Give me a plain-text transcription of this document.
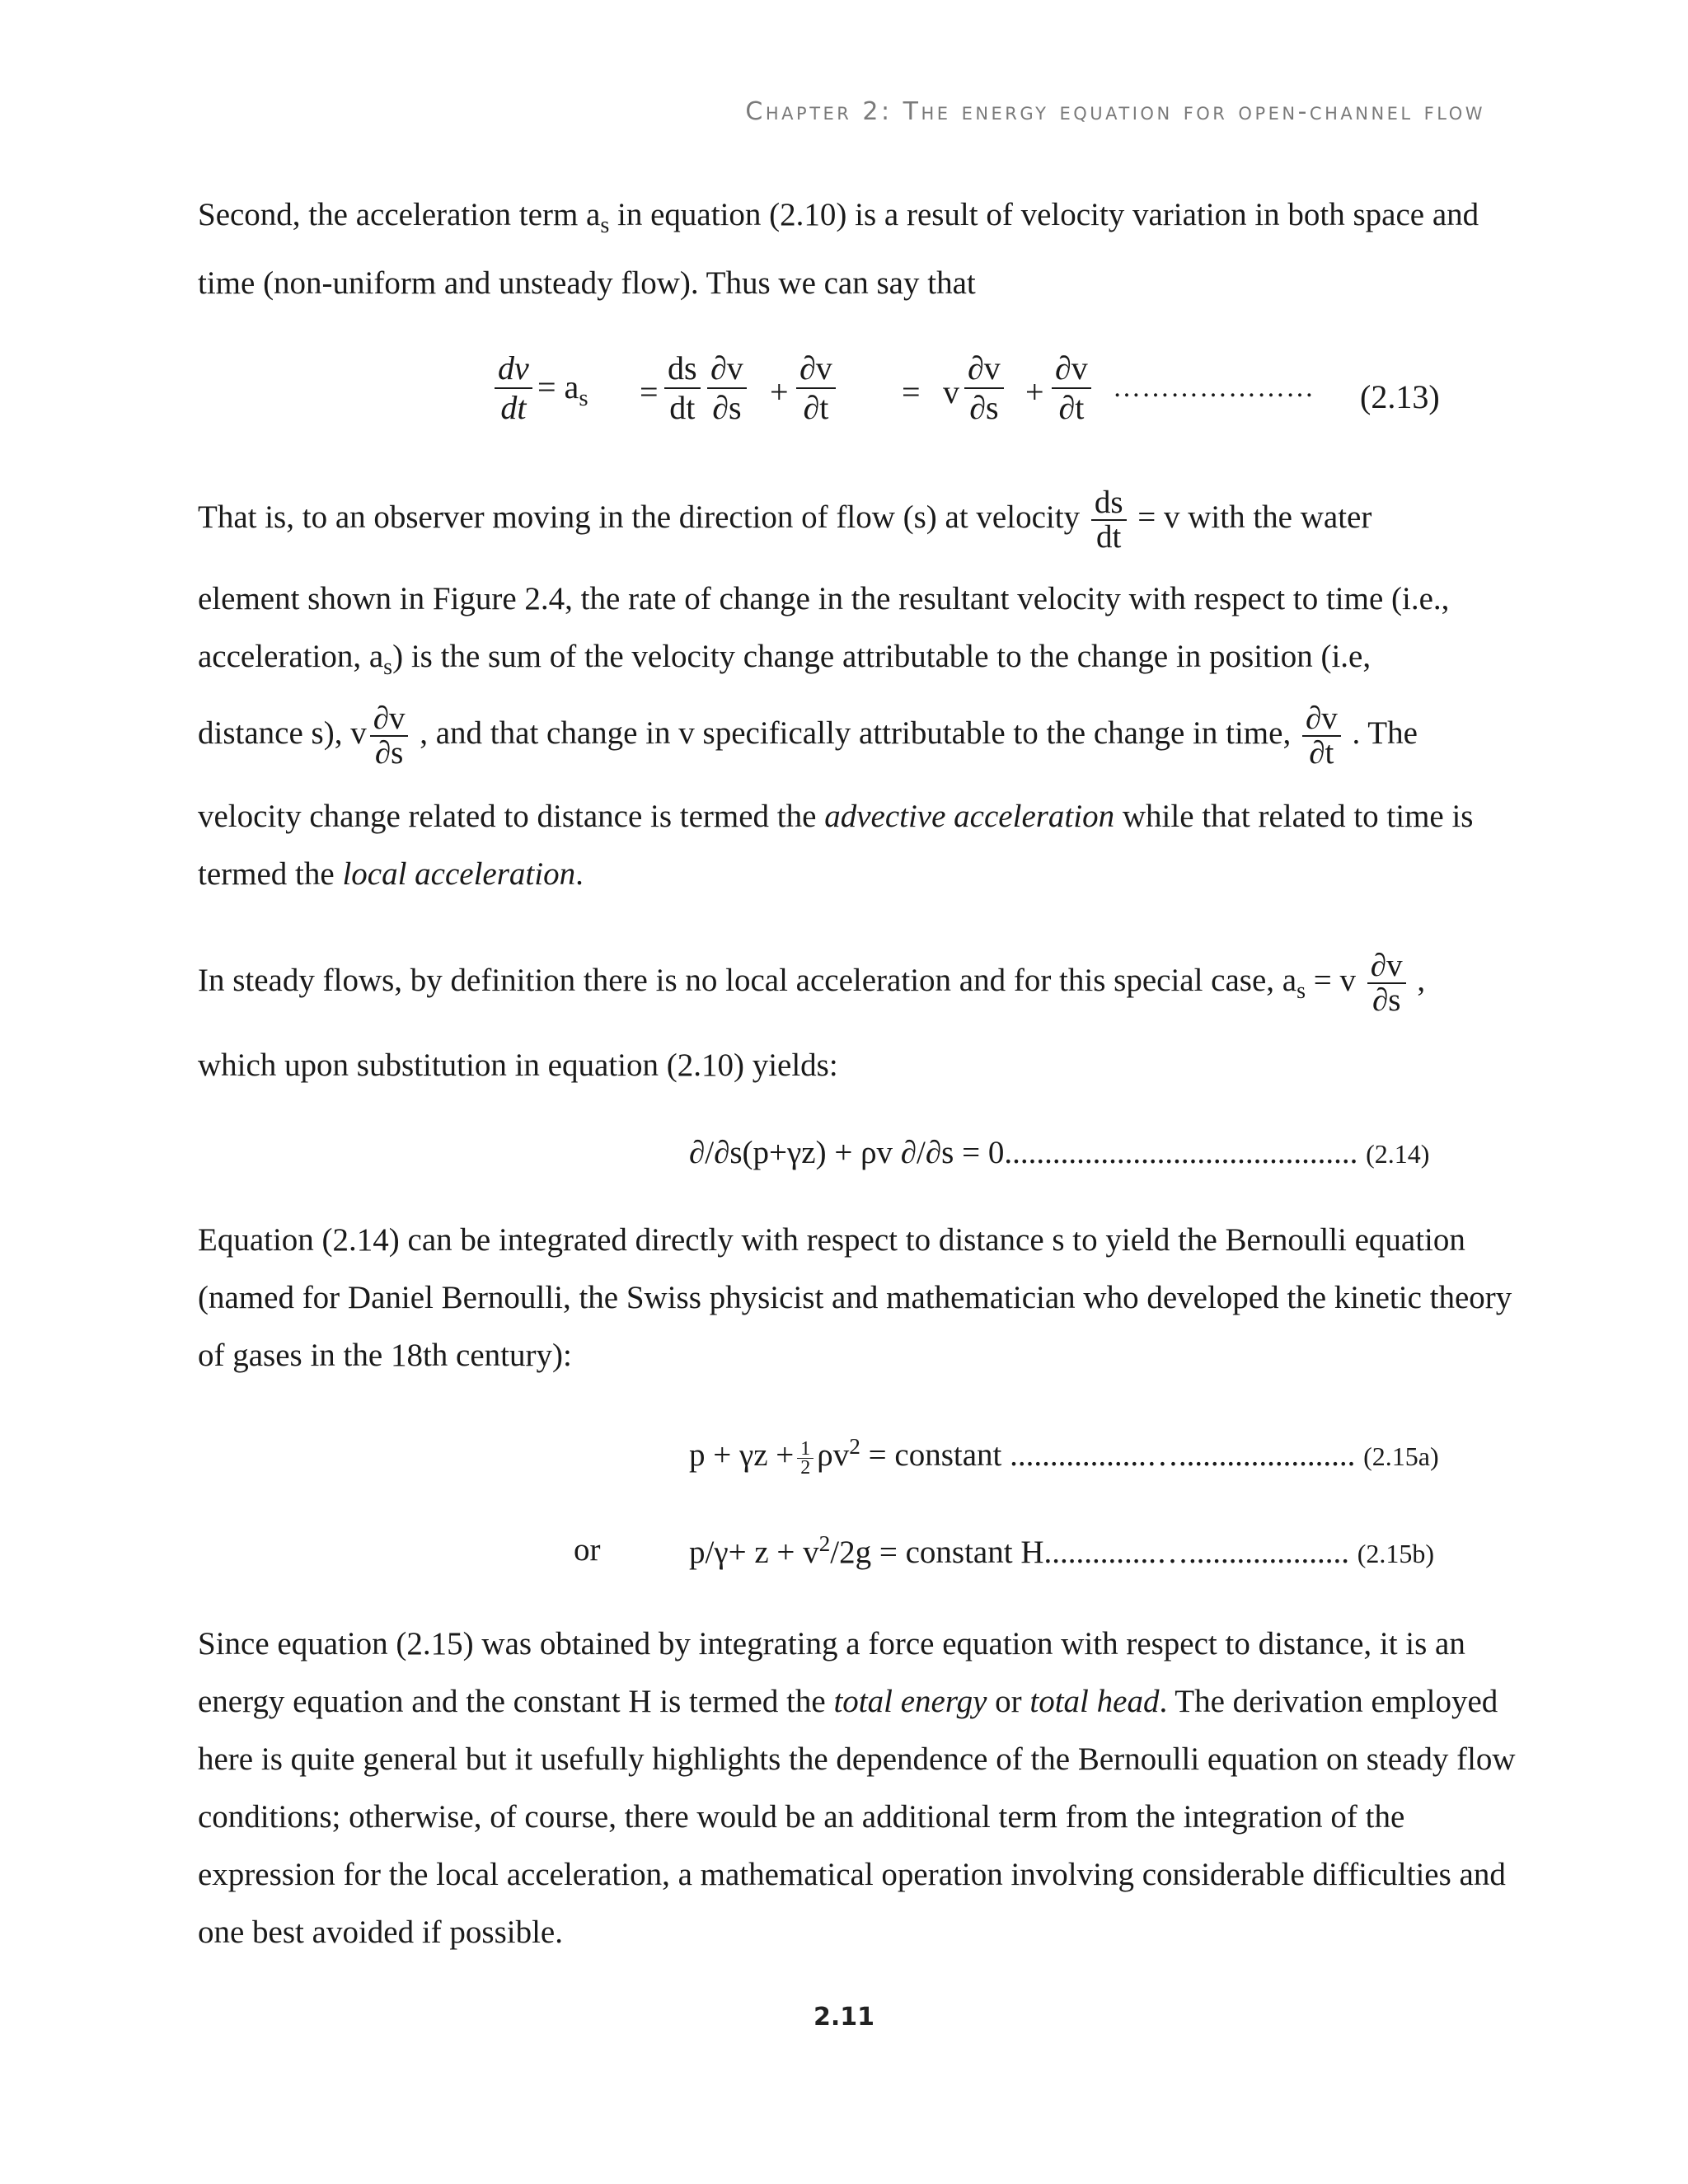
Chapter 2: The energy equation for open-channel flow

Second, the acceleration term $a_s$ in equation (2.10) is a result of velocity variation in both space and time (non-uniform and unsteady flow). Thus we can say that

$\frac{dv}{dt} = a_s = \frac{ds}{dt} \frac{\partial v}{\partial s} + \frac{\partial v}{\partial t} = v \frac{\partial v}{\partial s} + \frac{\partial v}{\partial t}$ ………………… (2.13)
That is, to an observer moving in the direction of flow (s) at velocity $\frac{ds}{dt} = v$ with the water

element shown in Figure 2.4, the rate of change in the resultant velocity with respect to time (i.e., acceleration, $a_s$) is the sum of the velocity change attributable to the change in position (i.e,

distance s), v $\frac{\partial v}{\partial s}$ , and that change in v specifically attributable to the change in time, $\frac{\partial v}{\partial t}$ . The

velocity change related to distance is termed the advective acceleration while that related to time is termed the local acceleration.

In steady flows, by definition there is no local acceleration and for this special case, $a_s = v \frac{\partial v}{\partial s}$ ,
which upon substitution in equation (2.10) yields:
∂/∂s(p+γz) + ρv ∂/∂s = 0............................................ (2.14)

Equation (2.14) can be integrated directly with respect to distance s to yield the Bernoulli equation (named for Daniel Bernoulli, the Swiss physicist and mathematician who developed the kinetic theory of gases in the 18th century):

$p + \gamma z + \frac{1}{2} \rho v^2$ = constant .................…...................... (2.15a)
or	$p/\gamma+ z + v^2/2g$ = constant H..............….................... (2.15b)

Since equation (2.15) was obtained by integrating a force equation with respect to distance, it is an energy equation and the constant H is termed the total energy or total head. The derivation employed here is quite general but it usefully highlights the dependence of the Bernoulli equation on steady flow conditions; otherwise, of course, there would be an additional term from the integration of the expression for the local acceleration, a mathematical operation involving considerable difficulties and one best avoided if possible.

2.11
